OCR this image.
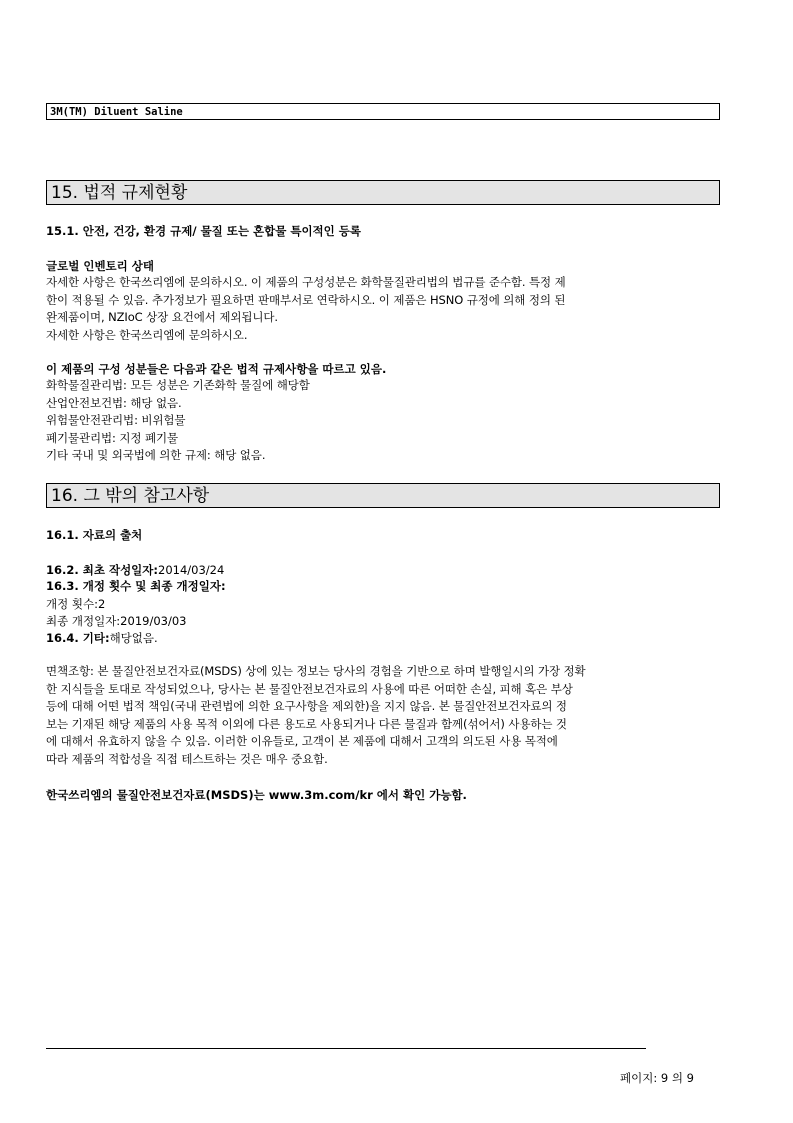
3M(TM) Diluent Saline
15. 법적 규제현황
15.1. 안전, 건강, 환경 규제/ 물질 또는 혼합물 특이적인 등록
글로벌 인벤토리 상태
자세한 사항은 한국쓰리엠에 문의하시오. 이 제품의 구성성분은 화학물질관리법의 법규를 준수함. 특정 제
한이 적용될 수 있음. 추가정보가 필요하면 판매부서로 연락하시오. 이 제품은 HSNO 규정에 의해 정의 된
완제품이며, NZIoC 상장 요건에서 제외됩니다.
자세한 사항은 한국쓰리엠에 문의하시오.
이 제품의 구성 성분들은 다음과 같은 법적 규제사항을 따르고 있음.
화학물질관리법: 모든 성분은 기존화학 물질에 해당함
산업안전보건법: 해당 없음.
위험물안전관리법: 비위험물
폐기물관리법: 지정 폐기물
기타 국내 및 외국법에 의한 규제: 해당 없음.
16. 그 밖의 참고사항
16.1. 자료의 출처
16.2. 최초 작성일자:2014/03/24
16.3. 개정 횟수 및 최종 개정일자:
개정 횟수:2
최종 개정일자:2019/03/03
16.4. 기타:해당없음.
면책조항: 본 물질안전보건자료(MSDS) 상에 있는 정보는 당사의 경험을 기반으로 하며 발행일시의 가장 정확
한 지식들을 토대로 작성되었으나, 당사는 본 물질안전보건자료의 사용에 따른 어떠한 손실, 피해 혹은 부상
등에 대해 어떤 법적 책임(국내 관련법에 의한 요구사항을 제외한)을 지지 않음. 본 물질안전보건자료의 정
보는 기재된 해당 제품의 사용 목적 이외에 다른 용도로 사용되거나 다른 물질과 함께(섞어서) 사용하는 것
에 대해서 유효하지 않을 수 있음. 이러한 이유들로, 고객이 본 제품에 대해서 고객의 의도된 사용 목적에
따라 제품의 적합성을 직접 테스트하는 것은 매우 중요함.
한국쓰리엠의 물질안전보건자료(MSDS)는 www.3m.com/kr 에서 확인 가능함.
페이지: 9 의 9
